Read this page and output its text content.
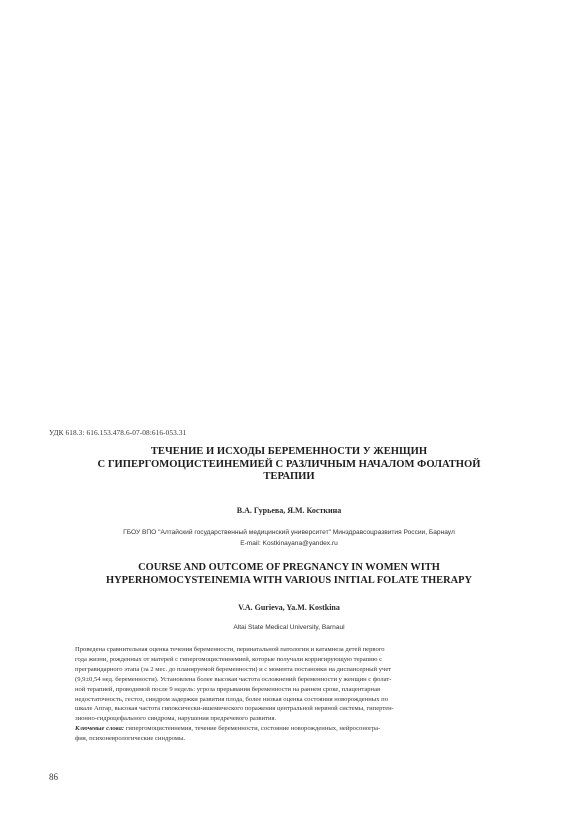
УДК 618.3: 616.153.478.6-07-08:616-053.31
ТЕЧЕНИЕ И ИСХОДЫ БЕРЕМЕННОСТИ У ЖЕНЩИН
С ГИПЕРГОМОЦИСТЕИНЕМИЕЙ С РАЗЛИЧНЫМ НАЧАЛОМ ФОЛАТНОЙ
ТЕРАПИИ
В.А. Гурьева, Я.М. Косткина
ГБОУ ВПО "Алтайский государственный медицинский университет" Минздравсоцразвития России, Барнаул
E-mail: Kostkinayana@yandex.ru
COURSE AND OUTCOME OF PREGNANCY IN WOMEN WITH
HYPERHOMOCYSTEINEMIA WITH VARIOUS INITIAL FOLATE THERAPY
V.A. Gurieva, Ya.M. Kostkina
Altai State Medical University, Barnaul
Проведена сравнительная оценка течения беременности, перинатальной патологии и катамнеза детей первого
года жизни, рожденных от матерей с гипергомоцистеинемией, которые получали корригирующую терапию с
прегравидарного этапа (за 2 мес. до планируемой беременности) и с момента постановки на диспансерный учет
(9,9±0,54 нед. беременности). Установлена более высокая частота осложнений беременности у женщин с фолат-
ной терапией, проводимой после 9 недель: угроза прерывания беременности на раннем сроке, плацентарная
недостаточность, гестоз, синдром задержки развития плода, более низкая оценка состояния новорожденных по
шкале Апгар, высокая частота гипоксически-ишемического поражения центральной нервной системы, гипертен-
зионно-гидроцефального синдрома, нарушения предречевого развития.
Ключевые слова: гипергомоцистеинемия, течение беременности, состояние новорожденных, нейросоногра-
фия, психоневрологические синдромы.
86
